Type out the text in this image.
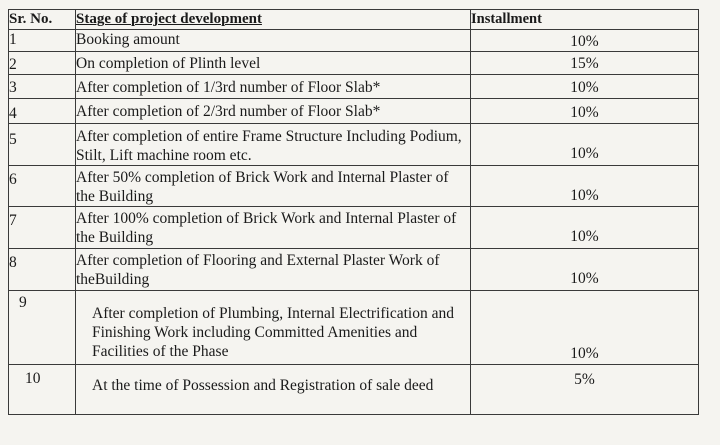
Sr. No.	Stage of project development	Installment
1	Booking amount	10%
2	On completion of Plinth level	15%
3	After completion of 1/3rd number of Floor Slab*	10%
4	After completion of 2/3rd number of Floor Slab*	10%
5	After completion of entire Frame Structure Including Podium, Stilt, Lift machine room etc.	10%
6	After 50% completion of Brick Work and Internal Plaster of the Building	10%
7	After 100% completion of Brick Work and Internal Plaster of the Building	10%
8	After completion of Flooring and External Plaster Work of theBuilding	10%
9	After completion of Plumbing, Internal Electrification and Finishing Work including Committed Amenities and Facilities of the Phase	10%
10	At the time of Possession and Registration of sale deed	5%
